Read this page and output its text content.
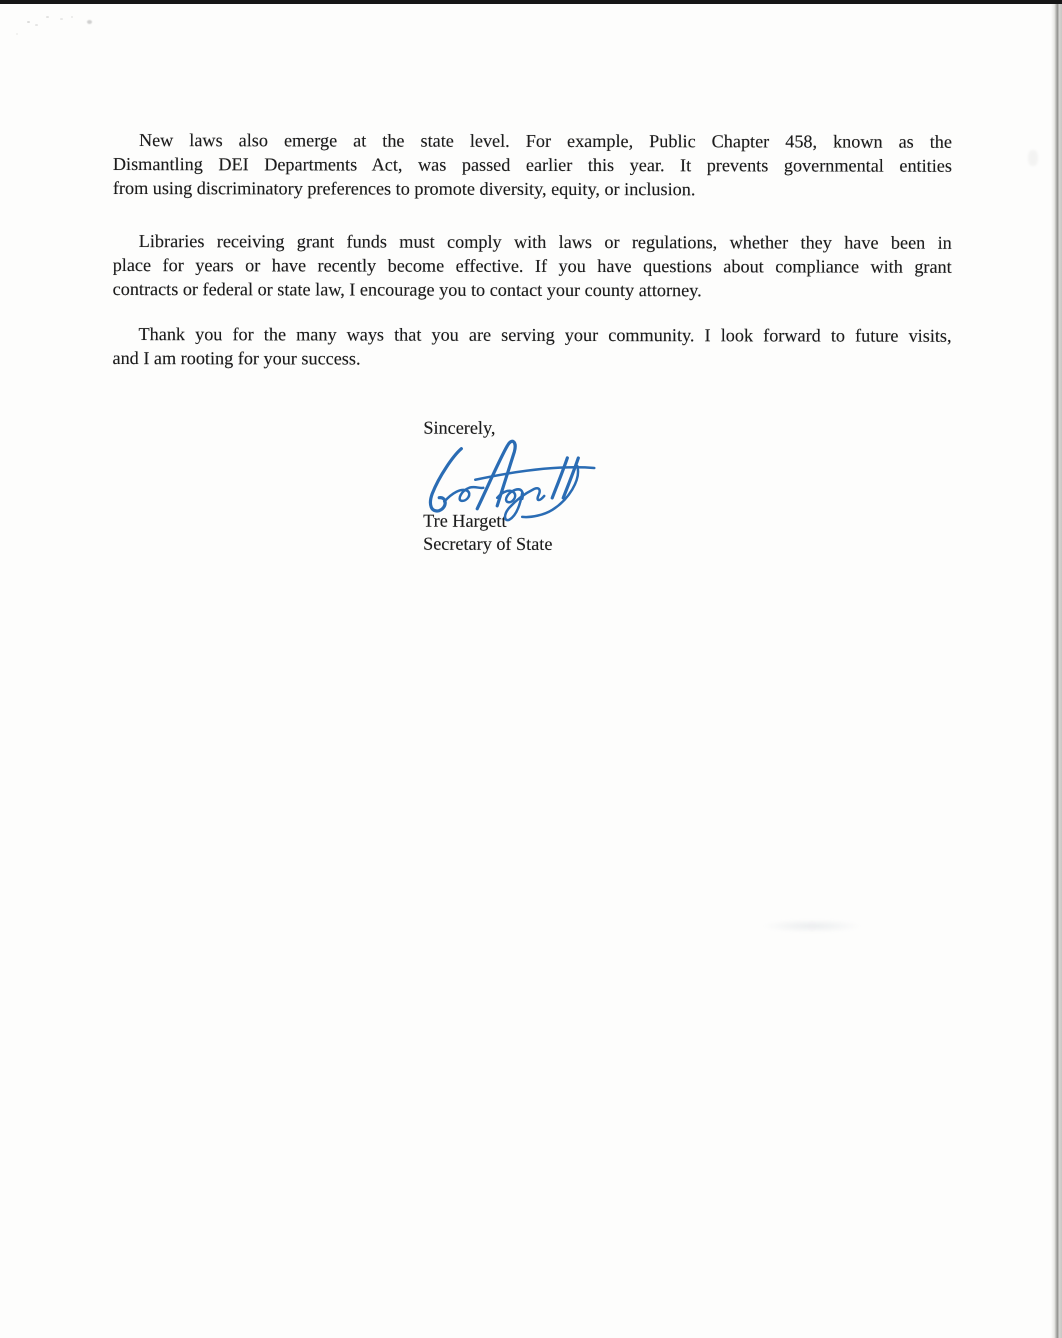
New laws also emerge at the state level. For example, Public Chapter 458, known as the
Dismantling DEI Departments Act, was passed earlier this year. It prevents governmental entities
from using discriminatory preferences to promote diversity, equity, or inclusion.

Libraries receiving grant funds must comply with laws or regulations, whether they have been in
place for years or have recently become effective. If you have questions about compliance with grant
contracts or federal or state law, I encourage you to contact your county attorney.

Thank you for the many ways that you are serving your community. I look forward to future visits,
and I am rooting for your success.

Sincerely,
Tre Hargett
Secretary of State
